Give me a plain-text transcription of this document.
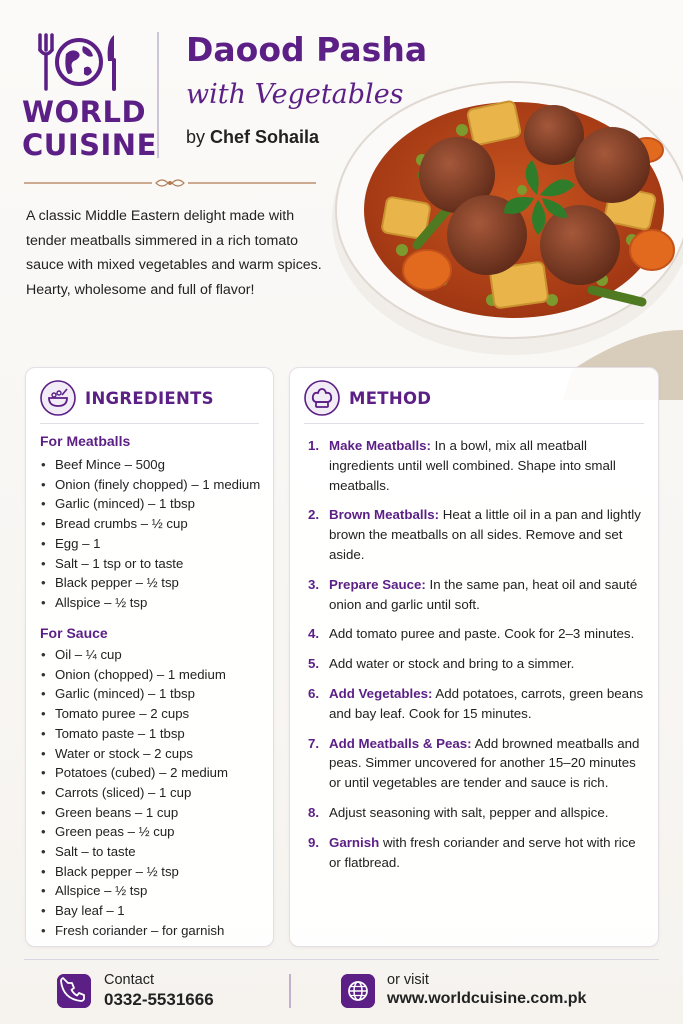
WORLD
CUISINE
Daood Pasha
with Vegetables
by Chef Sohaila
A classic Middle Eastern delight made with tender meatballs simmered in a rich tomato sauce with mixed vegetables and warm spices. Hearty, wholesome and full of flavor!
INGREDIENTS
For Meatballs
• Beef Mince – 500g
• Onion (finely chopped) – 1 medium
• Garlic (minced) – 1 tbsp
• Bread crumbs – ½ cup
• Egg – 1
• Salt – 1 tsp or to taste
• Black pepper – ½ tsp
• Allspice – ½ tsp
For Sauce
• Oil – ¼ cup
• Onion (chopped) – 1 medium
• Garlic (minced) – 1 tbsp
• Tomato puree – 2 cups
• Tomato paste – 1 tbsp
• Water or stock – 2 cups
• Potatoes (cubed) – 2 medium
• Carrots (sliced) – 1 cup
• Green beans – 1 cup
• Green peas – ½ cup
• Salt – to taste
• Black pepper – ½ tsp
• Allspice – ½ tsp
• Bay leaf – 1
• Fresh coriander – for garnish
METHOD
1. Make Meatballs: In a bowl, mix all meatball ingredients until well combined. Shape into small meatballs.
2. Brown Meatballs: Heat a little oil in a pan and lightly brown the meatballs on all sides. Remove and set aside.
3. Prepare Sauce: In the same pan, heat oil and sauté onion and garlic until soft.
4. Add tomato puree and paste. Cook for 2–3 minutes.
5. Add water or stock and bring to a simmer.
6. Add Vegetables: Add potatoes, carrots, green beans and bay leaf. Cook for 15 minutes.
7. Add Meatballs & Peas: Add browned meatballs and peas. Simmer uncovered for another 15–20 minutes or until vegetables are tender and sauce is rich.
8. Adjust seasoning with salt, pepper and allspice.
9. Garnish with fresh coriander and serve hot with rice or flatbread.
Contact
0332-5531666
or visit
www.worldcuisine.com.pk
